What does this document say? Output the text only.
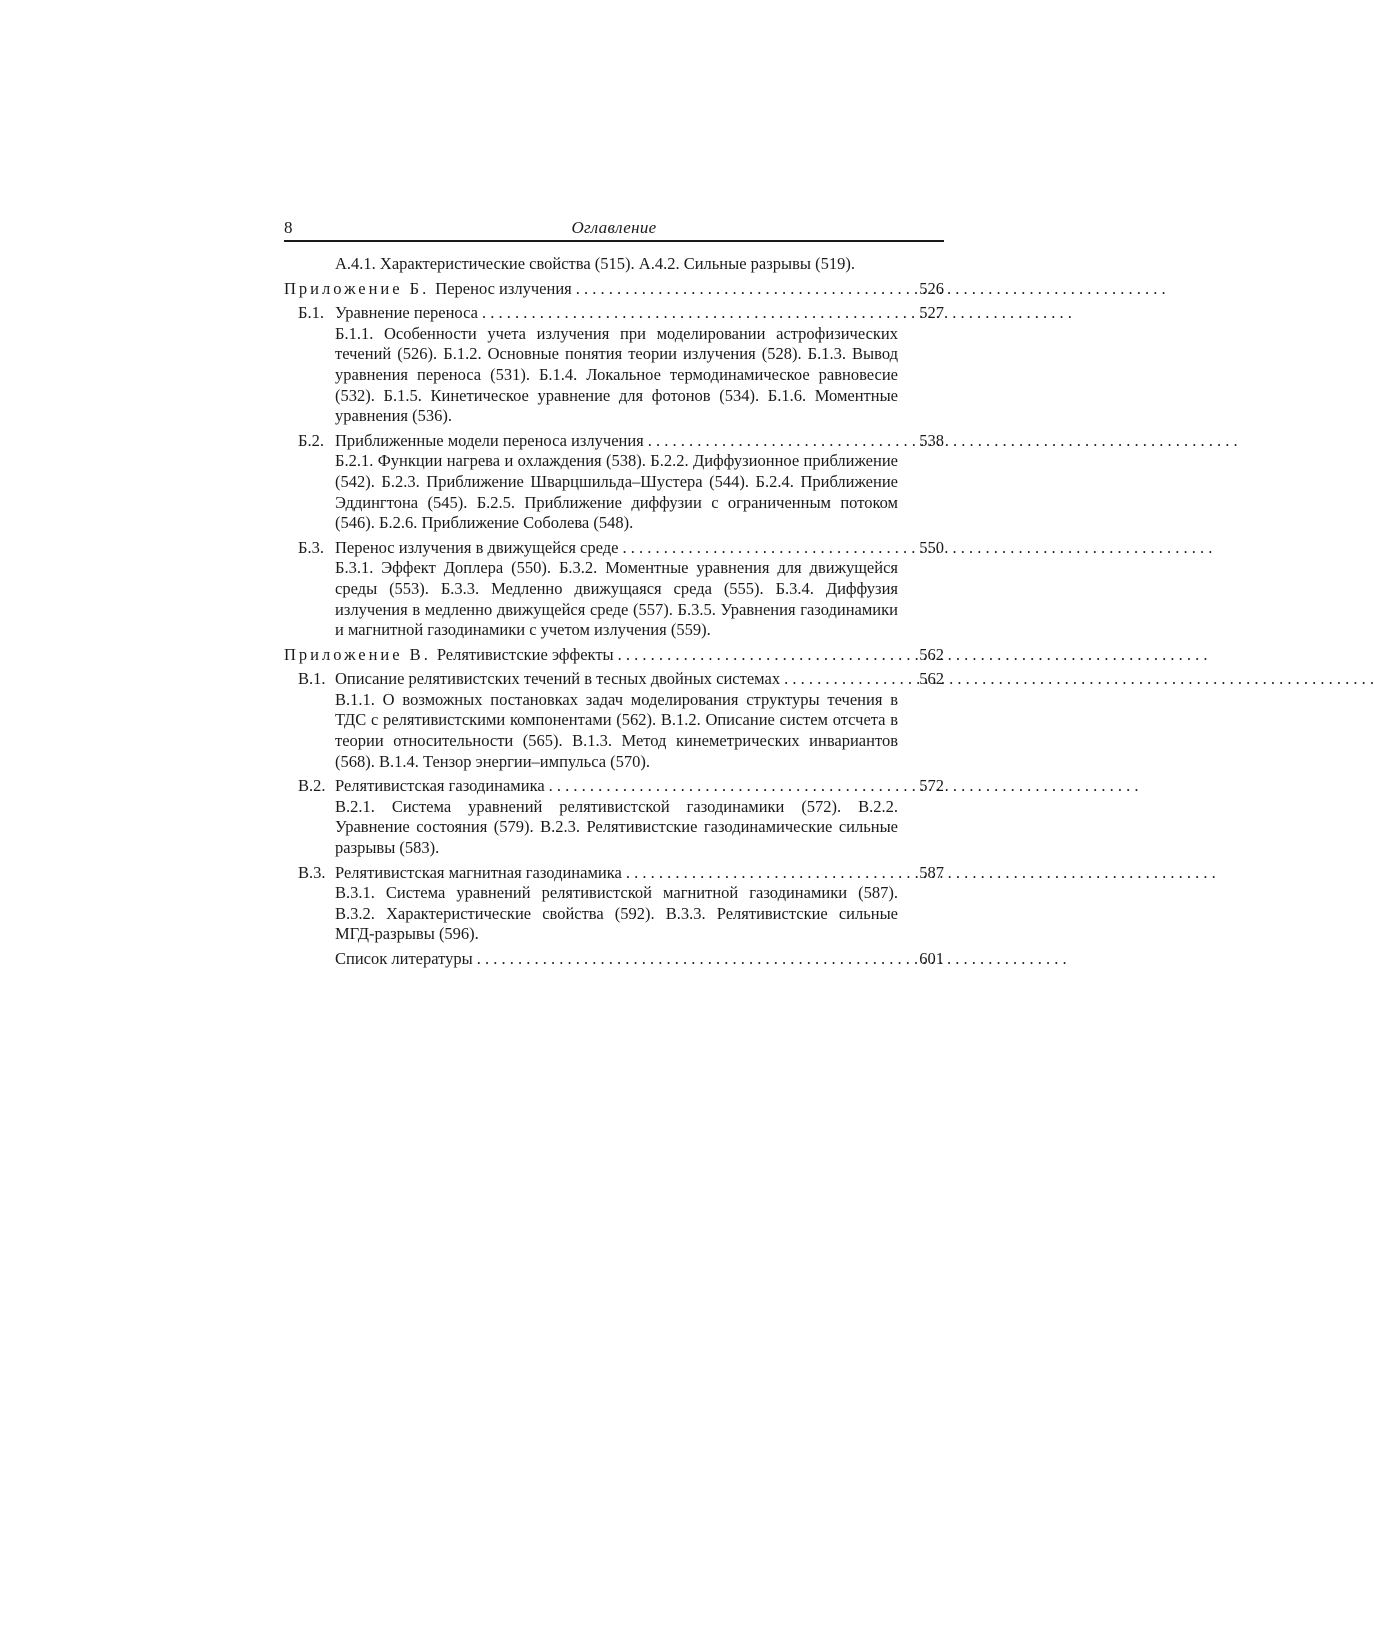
8	Оглавление
А.4.1. Характеристические свойства (515). А.4.2. Сильные разрывы (519).
Приложение Б. Перенос излучения . . .	526
Б.1. Уравнение переноса . . .	527
Б.1.1. Особенности учета излучения при моделировании астрофизических течений (526). Б.1.2. Основные понятия теории излучения (528). Б.1.3. Вывод уравнения переноса (531). Б.1.4. Локальное термодинамическое равновесие (532). Б.1.5. Кинетическое уравнение для фотонов (534). Б.1.6. Моментные уравнения (536).
Б.2. Приближенные модели переноса излучения . . .	538
Б.2.1. Функции нагрева и охлаждения (538). Б.2.2. Диффузионное приближение (542). Б.2.3. Приближение Шварцшильда–Шустера (544). Б.2.4. Приближение Эддингтона (545). Б.2.5. Приближение диффузии с ограниченным потоком (546). Б.2.6. Приближение Соболева (548).
Б.3. Перенос излучения в движущейся среде . . .	550
Б.3.1. Эффект Доплера (550). Б.3.2. Моментные уравнения для движущейся среды (553). Б.3.3. Медленно движущаяся среда (555). Б.3.4. Диффузия излучения в медленно движущейся среде (557). Б.3.5. Уравнения газодинамики и магнитной газодинамики с учетом излучения (559).
Приложение В. Релятивистские эффекты . . .	562
В.1. Описание релятивистских течений в тесных двойных системах . . .	562
В.1.1. О возможных постановках задач моделирования структуры течения в ТДС с релятивистскими компонентами (562). В.1.2. Описание систем отсчета в теории относительности (565). В.1.3. Метод кинеметрических инвариантов (568). В.1.4. Тензор энергии–импульса (570).
В.2. Релятивистская газодинамика . . .	572
В.2.1. Система уравнений релятивистской газодинамики (572). В.2.2. Уравнение состояния (579). В.2.3. Релятивистские газодинамические сильные разрывы (583).
В.3. Релятивистская магнитная газодинамика . . .	587
В.3.1. Система уравнений релятивистской магнитной газодинамики (587). В.3.2. Характеристические свойства (592). В.3.3. Релятивистские сильные МГД-разрывы (596).
Список литературы . . .	601
